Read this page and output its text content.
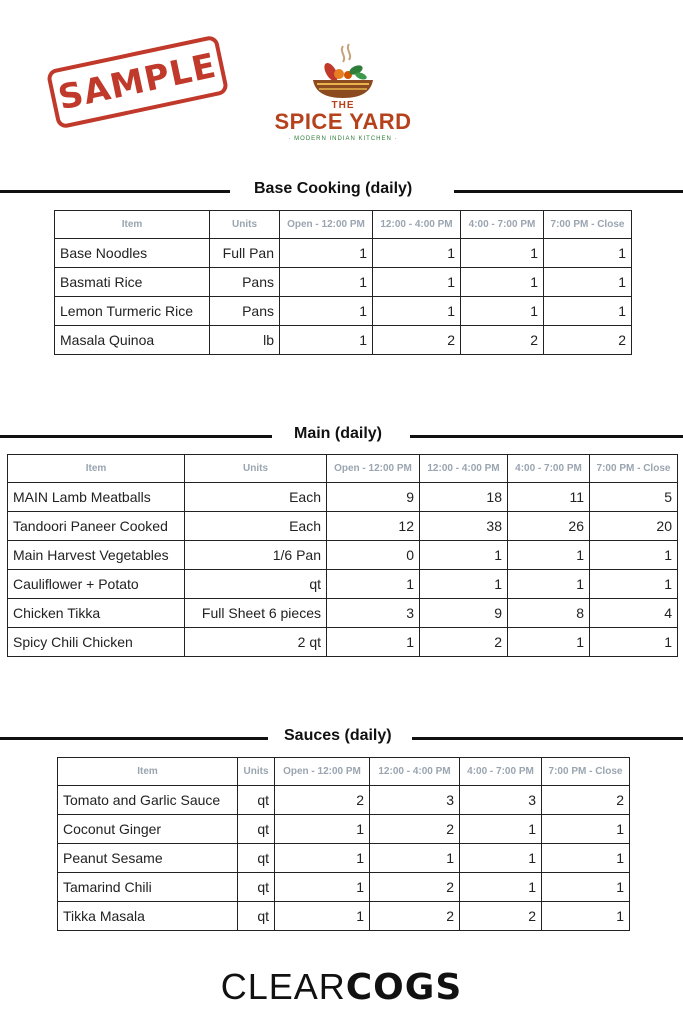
SAMPLE	THE
SPICE YARD
· MODERN INDIAN KITCHEN ·
Base Cooking (daily)
Item	Units	Open - 12:00 PM	12:00 - 4:00 PM	4:00 - 7:00 PM	7:00 PM - Close
Base Noodles	Full Pan	1	1	1	1
Basmati Rice	Pans	1	1	1	1
Lemon Turmeric Rice	Pans	1	1	1	1
Masala Quinoa	lb	1	2	2	2
Main (daily)
Item	Units	Open - 12:00 PM	12:00 - 4:00 PM	4:00 - 7:00 PM	7:00 PM - Close
MAIN Lamb Meatballs	Each	9	18	11	5
Tandoori Paneer Cooked	Each	12	38	26	20
Main Harvest Vegetables	1/6 Pan	0	1	1	1
Cauliflower + Potato	qt	1	1	1	1
Chicken Tikka	Full Sheet 6 pieces	3	9	8	4
Spicy Chili Chicken	2 qt	1	2	1	1
Sauces (daily)
Item	Units	Open - 12:00 PM	12:00 - 4:00 PM	4:00 - 7:00 PM	7:00 PM - Close
Tomato and Garlic Sauce	qt	2	3	3	2
Coconut Ginger	qt	1	2	1	1
Peanut Sesame	qt	1	1	1	1
Tamarind Chili	qt	1	2	1	1
Tikka Masala	qt	1	2	2	1
CLEARCOGS
